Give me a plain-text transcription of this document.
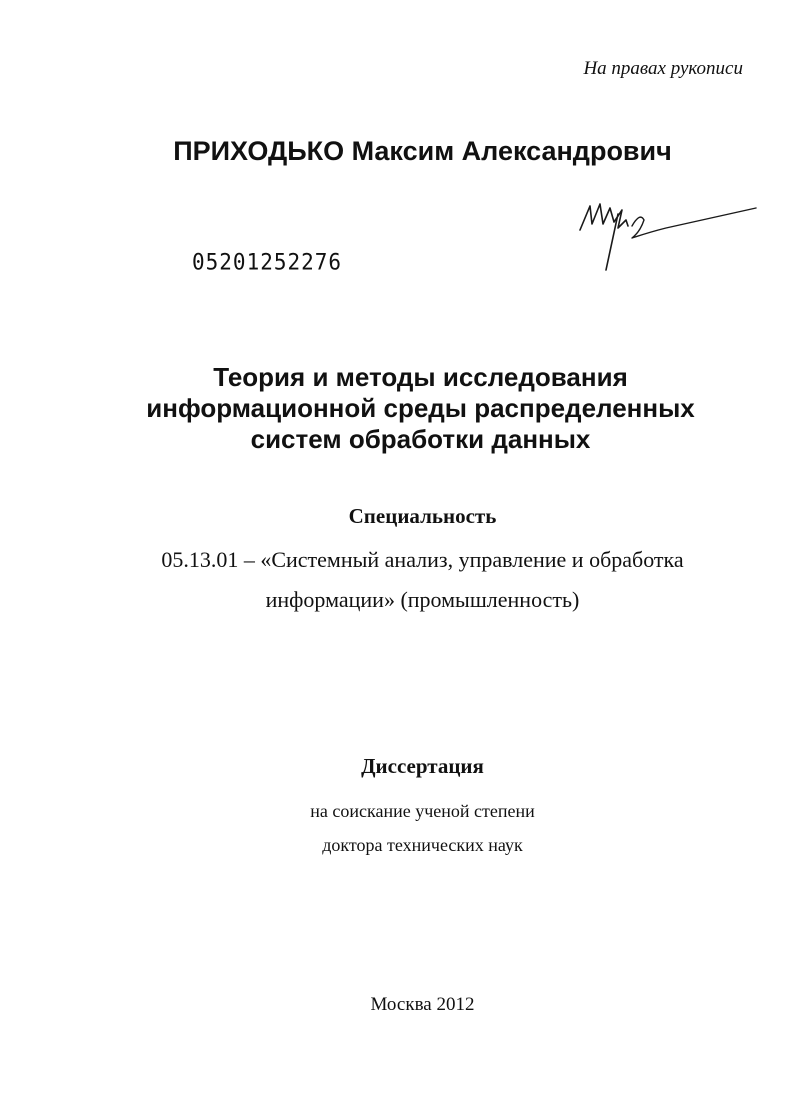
На правах рукописи
ПРИХОДЬКО Максим Александрович
05201252276
Теория и методы исследования
информационной среды распределенных
систем обработки данных
Специальность
05.13.01 – «Системный анализ, управление и обработка
информации» (промышленность)
Диссертация
на соискание ученой степени
доктора технических наук
Москва 2012
